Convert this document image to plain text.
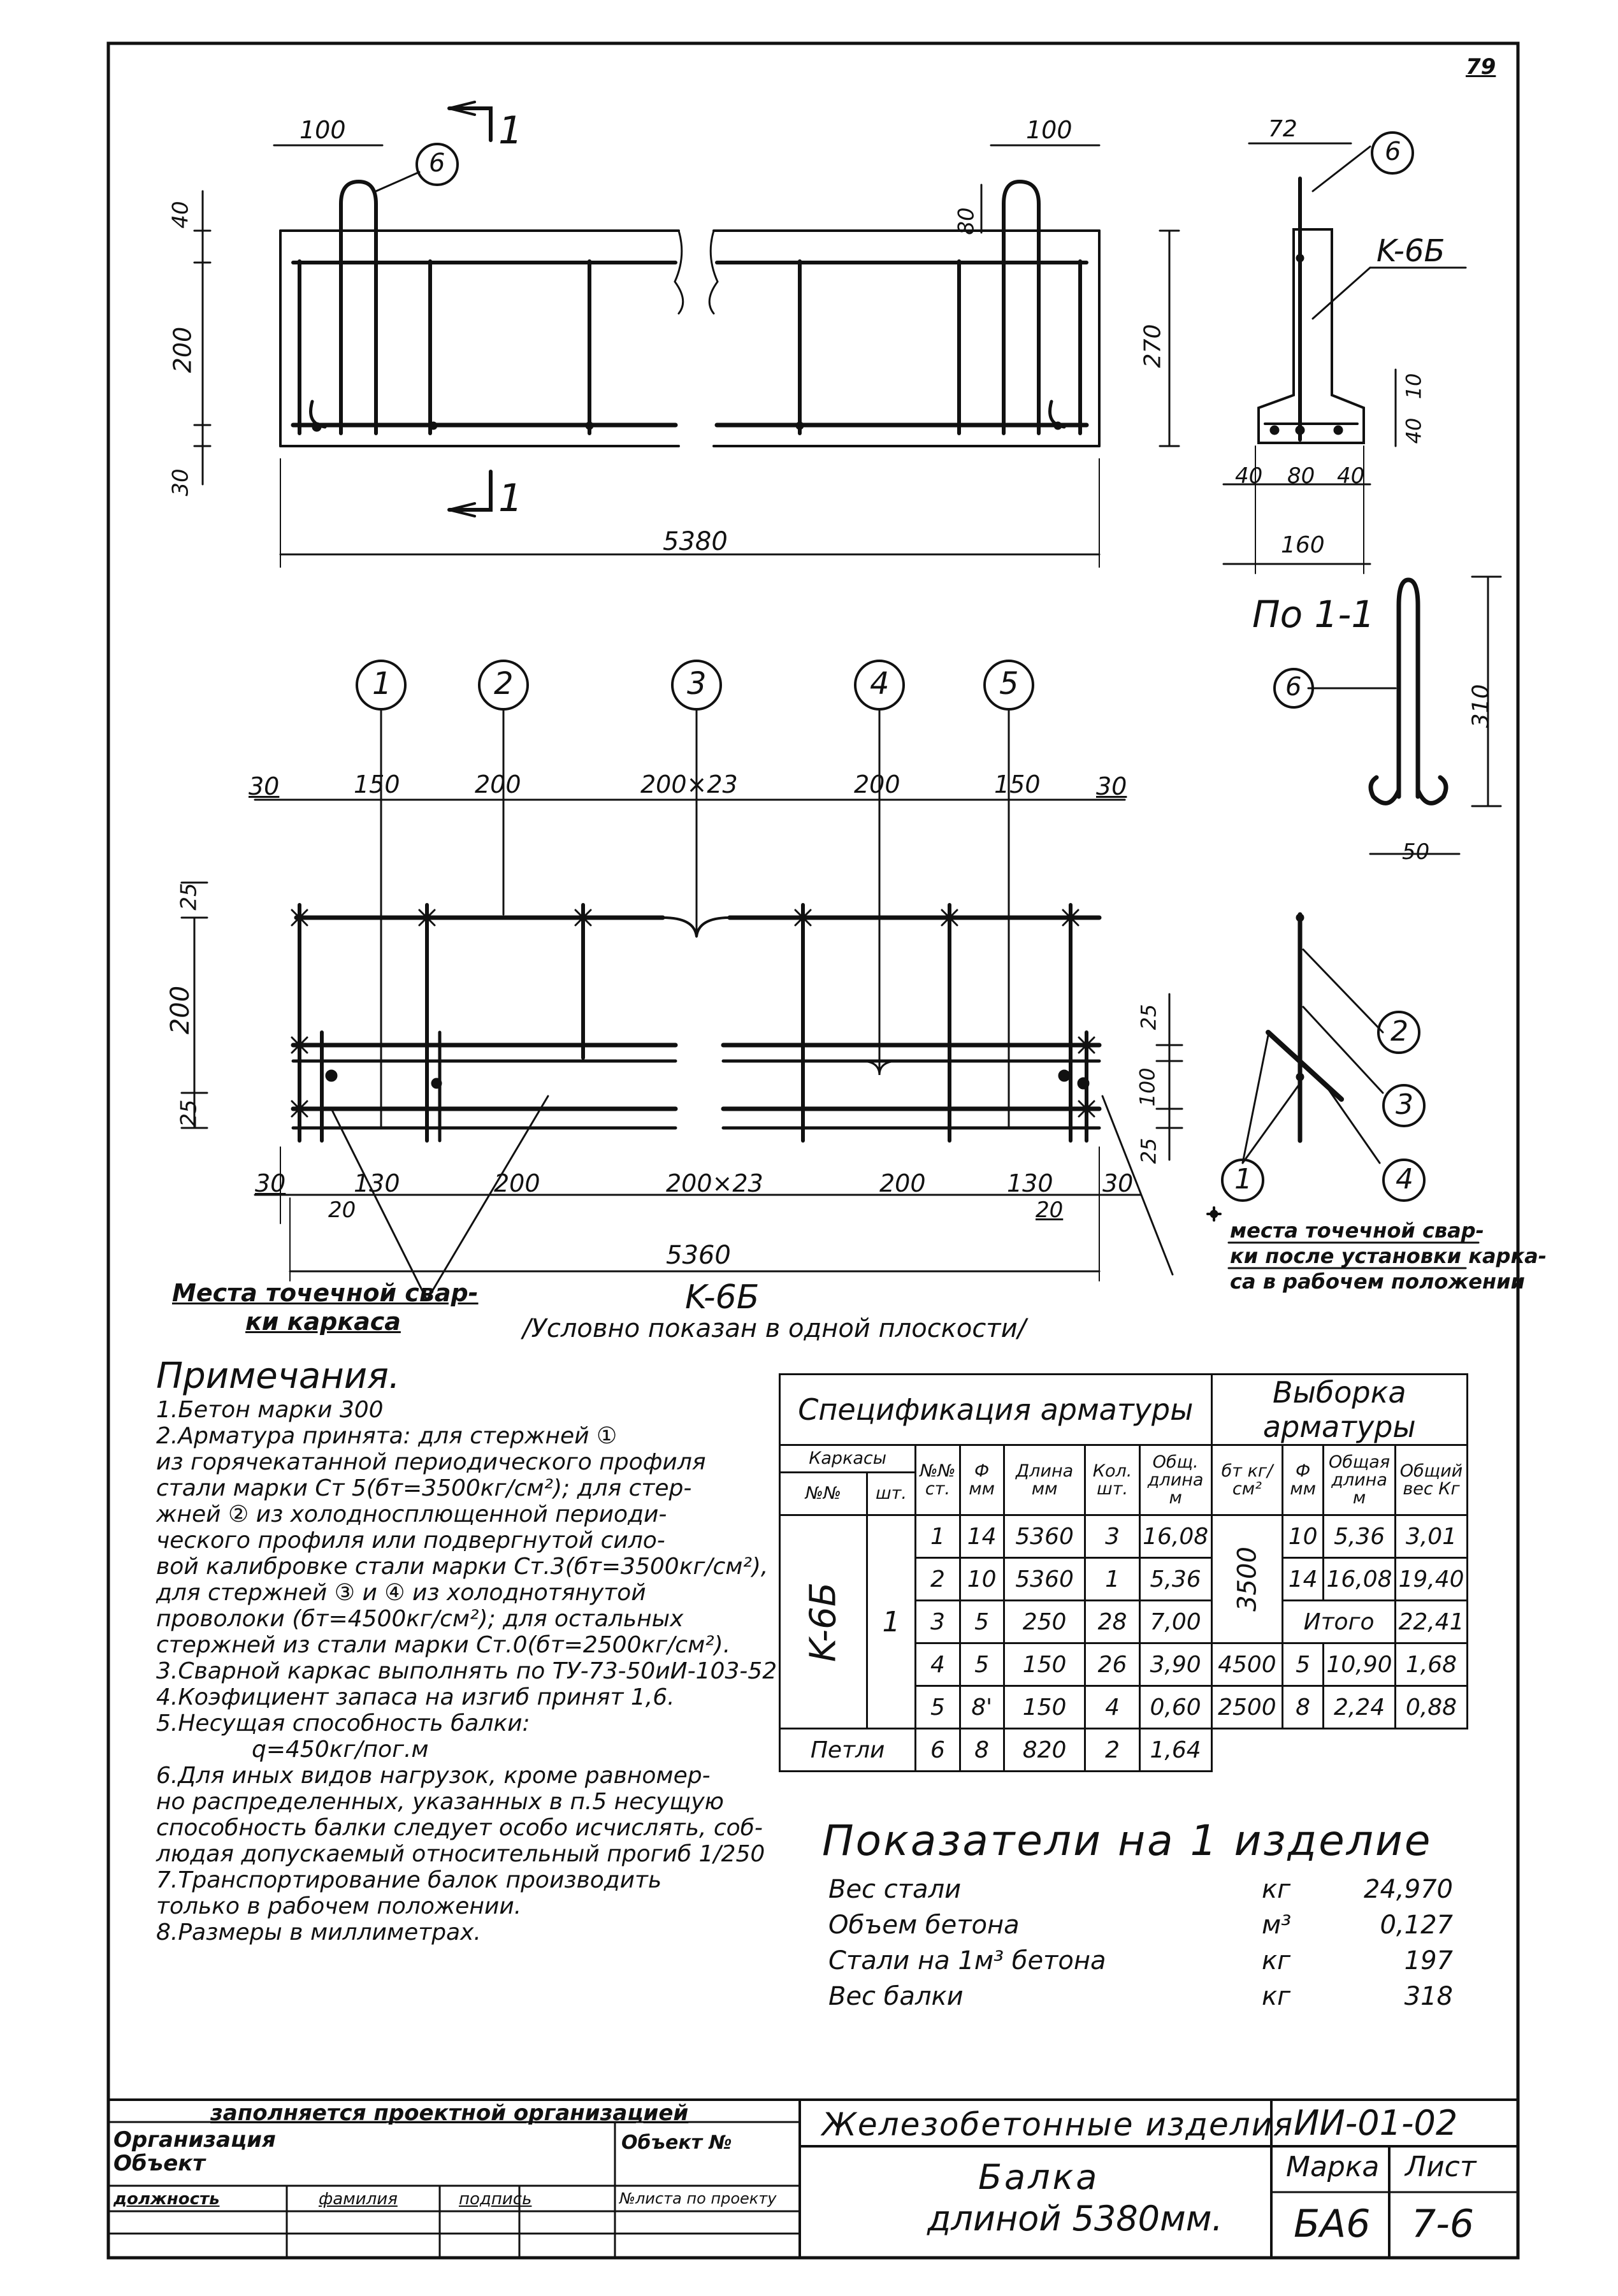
79
100	100
6
1
1
80
40
200
30
5380
270
72
6
K-6Б
10
40
40 80 40
160
По 1-1
6	310
50
1	2	3	4	5
30	150	200	200×23	200	150 30
25
200
25
25
100
25
30	130	200	200×23	200	130 30
20	20
5360
2
3
1	4
места точечной свар-
ки после установки карка-
са в рабочем положении
Места точечной свар-
ки каркаса
K-6Б
/Условно показан в одной плоскости/
Примечания.
1.Бетон марки 300
2.Арматура принята: для стержней ①
из горячекатанной периодического профиля
стали марки Ст 5(бт=3500кг/см²); для стер-
жней ② из холодносплющенной периоди-
ческого профиля или подвергнутой сило-
вой калибровке стали марки Ст.3(бт=3500кг/см²),
для стержней ③ и ④ из холоднотянутой
проволоки (бт=4500кг/см²); для остальных
стержней из стали марки Ст.0(бт=2500кг/см²).
3.Сварной каркас выполнять по ТУ-73-50иИ-103-52
4.Коэфициент запаса на изгиб принят 1,6.
5.Несущая способность балки:
q=450кг/пог.м
6.Для иных видов нагрузок, кроме равномер-
но распределенных, указанных в п.5 несущую
способность балки следует особо исчислять, соб-
людая допускаемый относительный прогиб 1/250
7.Транспортирование балок производить
только в рабочем положении.
8.Размеры в миллиметрах.
Спецификация арматуры							Выборка арматуры			
Каркасы		№№ ст.	Ф мм	Длина мм	Кол. шт.	Общ. длина м	бт кг/см²	Ф мм	Общая длина м	Общий вес Кг
№№	шт.									

K-6Б	1	1	14	5360	3	16,08	3500	10	5,36	3,01
		2	10	5360	1	5,36		14	16,08	19,40
		3	5	250	28	7,00		Итого		22,41
		4	5	150	26	3,90	4500	5	10,90	1,68
		5	8'	150	4	0,60	2500	8	2,24	0,88
Петли		6	8	820	2	1,64				
Показатели на 1 изделие
Вес стали	кг	24,970
Объем бетона	м³	0,127
Стали на 1м³ бетона	кг	197
Вес балки	кг	318
заполняется проектной организацией
Организация
Объект
Объект №
должность	фамилия	подпись	№листа по проекту
Железобетонные изделия ИИ-01-02
Балка
длиной 5380мм.
Марка Лист
БА6 7-6
